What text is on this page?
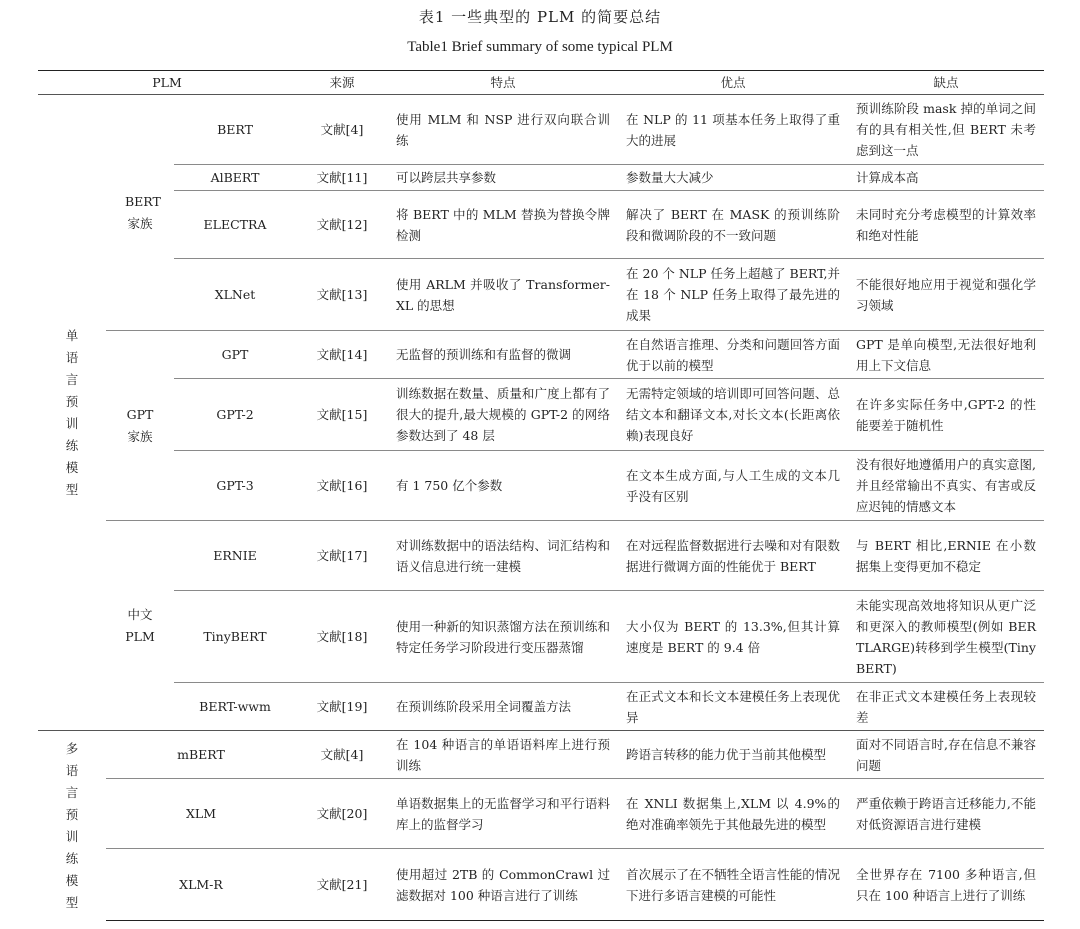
表1 一些典型的 PLM 的简要总结
Table1 Brief summary of some typical PLM
PLM			来源	特点	优点	缺点
单语言预训练模型	BERT 家族	BERT	文献[4]	使用 MLM 和 NSP 进行双向联合训练	在 NLP 的 11 项基本任务上取得了重大的进展	预训练阶段 mask 掉的单词之间有的具有相关性,但 BERT 未考虑到这一点
		AlBERT	文献[11]	可以跨层共享参数	参数量大大减少	计算成本高
		ELECTRA	文献[12]	将 BERT 中的 MLM 替换为替换令牌检测	解决了 BERT 在 MASK 的预训练阶段和微调阶段的不一致问题	未同时充分考虑模型的计算效率和绝对性能
		XLNet	文献[13]	使用 ARLM 并吸收了 Transformer-XL 的思想	在 20 个 NLP 任务上超越了 BERT,并在 18 个 NLP 任务上取得了最先进的成果	不能很好地应用于视觉和强化学习领域

	GPT 家族	GPT	文献[14]	无监督的预训练和有监督的微调	在自然语言推理、分类和问题回答方面优于以前的模型	GPT 是单向模型,无法很好地利用上下文信息
		GPT-2	文献[15]	训练数据在数量、质量和广度上都有了很大的提升,最大规模的 GPT-2 的网络参数达到了 48 层	无需特定领域的培训即可回答问题、总结文本和翻译文本,对长文本(长距离依赖)表现良好	在许多实际任务中,GPT-2 的性能要差于随机性
		GPT-3	文献[16]	有 1 750 亿个参数	在文本生成方面,与人工生成的文本几乎没有区别	没有很好地遵循用户的真实意图,并且经常输出不真实、有害或反应迟钝的情感文本

	中文 PLM	ERNIE	文献[17]	对训练数据中的语法结构、词汇结构和语义信息进行统一建模	在对远程监督数据进行去噪和对有限数据进行微调方面的性能优于 BERT	与 BERT 相比,ERNIE 在小数据集上变得更加不稳定
		TinyBERT	文献[18]	使用一种新的知识蒸馏方法在预训练和特定任务学习阶段进行变压器蒸馏	大小仅为 BERT 的 13.3%,但其计算速度是 BERT 的 9.4 倍	未能实现高效地将知识从更广泛和更深入的教师模型(例如 BERTLARGE)转移到学生模型(TinyBERT)
		BERT-wwm	文献[19]	在预训练阶段采用全词覆盖方法	在正式文本和长文本建模任务上表现优异	在非正式文本建模任务上表现较差
多语言预训练模型	mBERT		文献[4]	在 104 种语言的单语语料库上进行预训练	跨语言转移的能力优于当前其他模型	面对不同语言时,存在信息不兼容问题
	XLM		文献[20]	单语数据集上的无监督学习和平行语料库上的监督学习	在 XNLI 数据集上,XLM 以 4.9%的绝对准确率领先于其他最先进的模型	严重依赖于跨语言迁移能力,不能对低资源语言进行建模
	XLM-R		文献[21]	使用超过 2TB 的 CommonCrawl 过滤数据对 100 种语言进行了训练	首次展示了在不牺牲全语言性能的情况下进行多语言建模的可能性	全世界存在 7100 多种语言,但只在 100 种语言上进行了训练
